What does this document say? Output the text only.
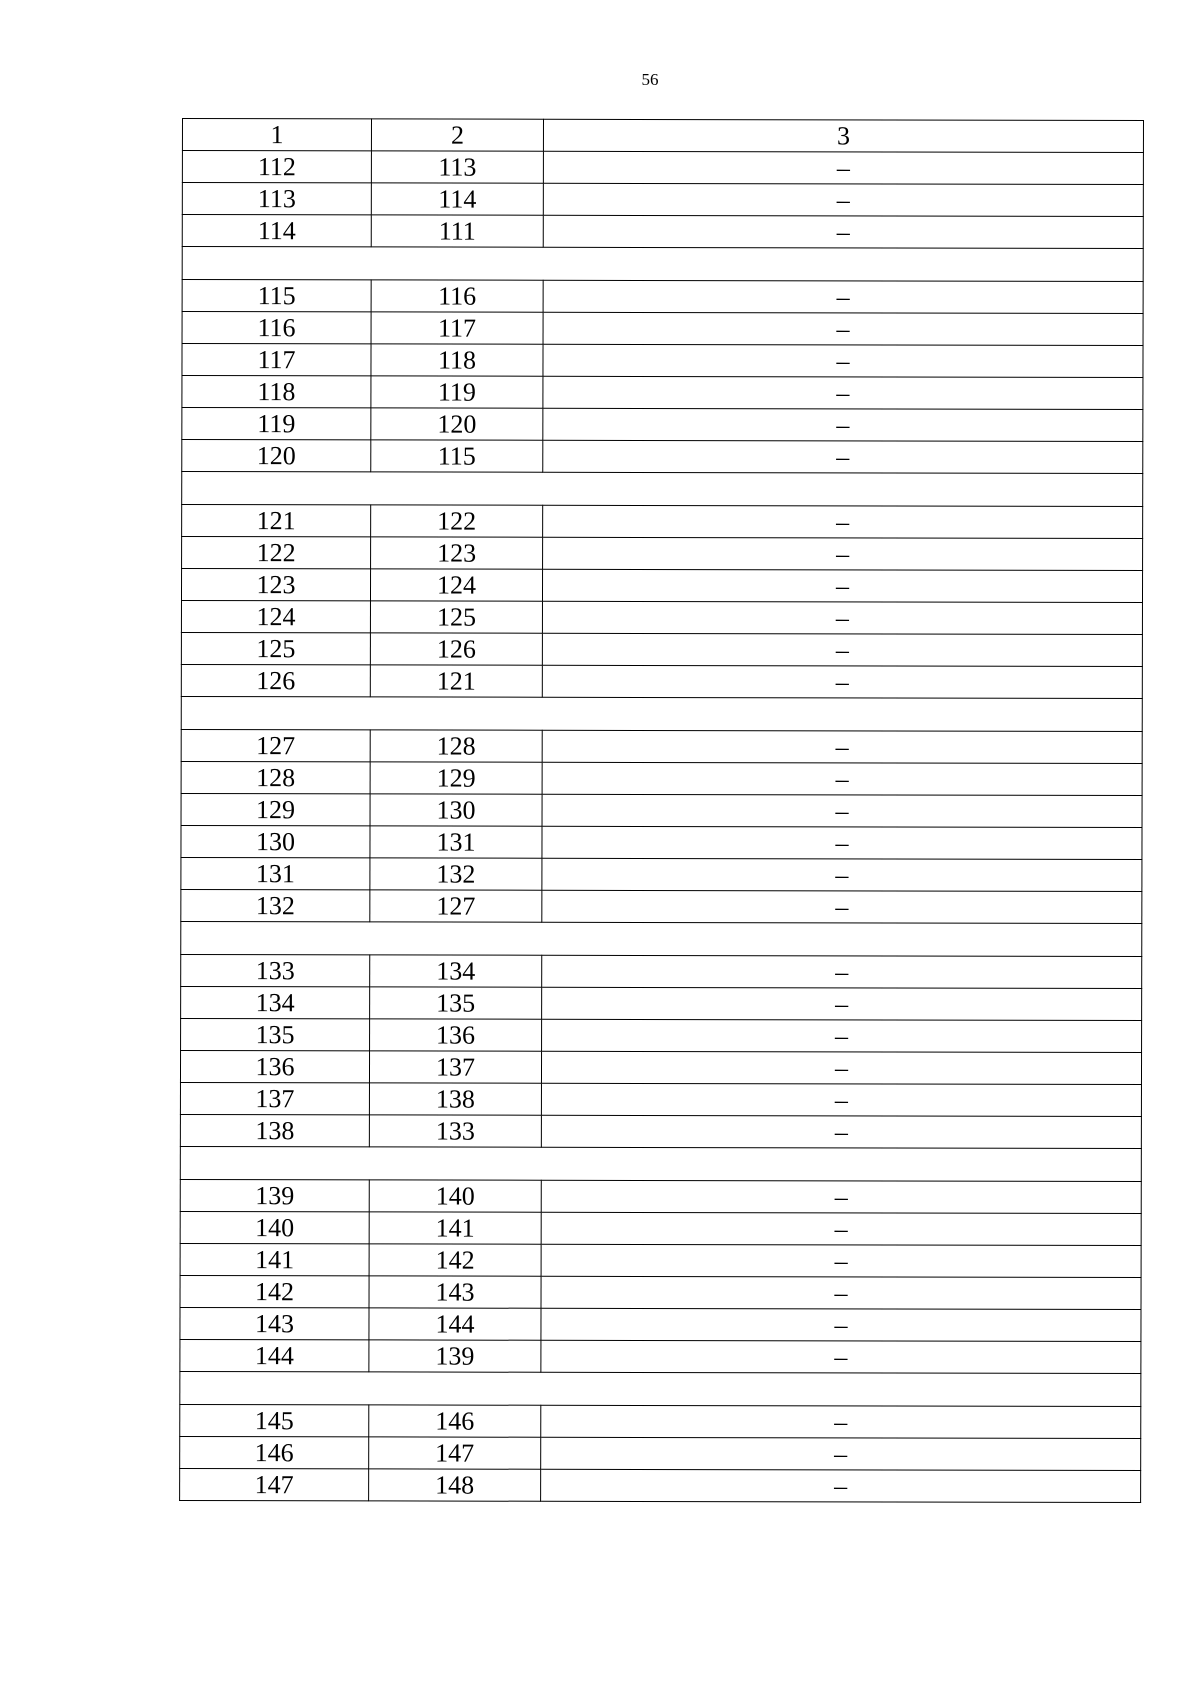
56
1	2	3
112	113	–
113	114	–
114	111	–

115	116	–
116	117	–
117	118	–
118	119	–
119	120	–
120	115	–

121	122	–
122	123	–
123	124	–
124	125	–
125	126	–
126	121	–

127	128	–
128	129	–
129	130	–
130	131	–
131	132	–
132	127	–

133	134	–
134	135	–
135	136	–
136	137	–
137	138	–
138	133	–

139	140	–
140	141	–
141	142	–
142	143	–
143	144	–
144	139	–

145	146	–
146	147	–
147	148	–
